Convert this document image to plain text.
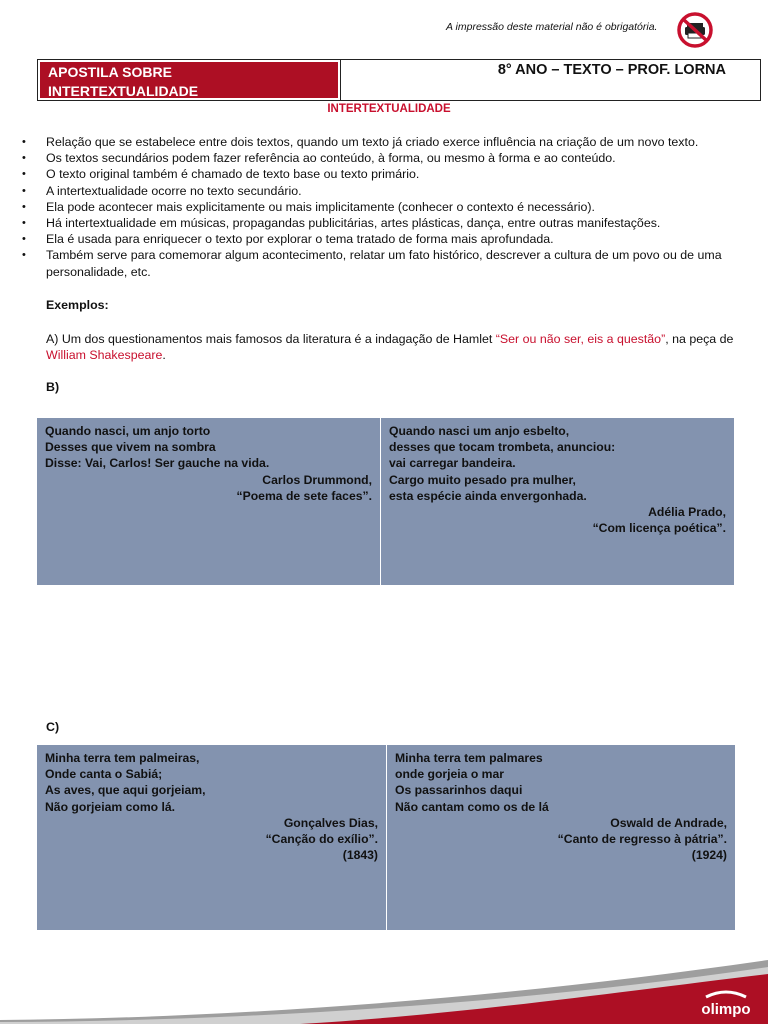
A impressão deste material não é obrigatória.
APOSTILA SOBRE
INTERTEXTUALIDADE
8° ANO – TEXTO – PROF. LORNA
INTERTEXTUALIDADE
• Relação que se estabelece entre dois textos, quando um texto já criado exerce influência na criação de um novo texto.
• Os textos secundários podem fazer referência ao conteúdo, à forma, ou mesmo à forma e ao conteúdo.
• O texto original também é chamado de texto base ou texto primário.
• A intertextualidade ocorre no texto secundário.
• Ela pode acontecer mais explicitamente ou mais implicitamente (conhecer o contexto é necessário).
• Há intertextualidade em músicas, propagandas publicitárias, artes plásticas, dança, entre outras manifestações.
• Ela é usada para enriquecer o texto por explorar o tema tratado de forma mais aprofundada.
• Também serve para comemorar algum acontecimento, relatar um fato histórico, descrever a cultura de um povo ou de uma personalidade, etc.
Exemplos:
A) Um dos questionamentos mais famosos da literatura é a indagação de Hamlet “Ser ou não ser, eis a questão”, na peça de William Shakespeare.
B)
Quando nasci, um anjo torto
Desses que vivem na sombra
Disse: Vai, Carlos! Ser gauche na vida.
Carlos Drummond,
“Poema de sete faces”.
Quando nasci um anjo esbelto,
desses que tocam trombeta, anunciou:
vai carregar bandeira.
Cargo muito pesado pra mulher,
esta espécie ainda envergonhada.
Adélia Prado,
“Com licença poética”.
C)
Minha terra tem palmeiras,
Onde canta o Sabiá;
As aves, que aqui gorjeiam,
Não gorjeiam como lá.
Gonçalves Dias,
“Canção do exílio”.
(1843)
Minha terra tem palmares
onde gorjeia o mar
Os passarinhos daqui
Não cantam como os de lá
Oswald de Andrade,
“Canto de regresso à pátria”.
(1924)
olimpo
